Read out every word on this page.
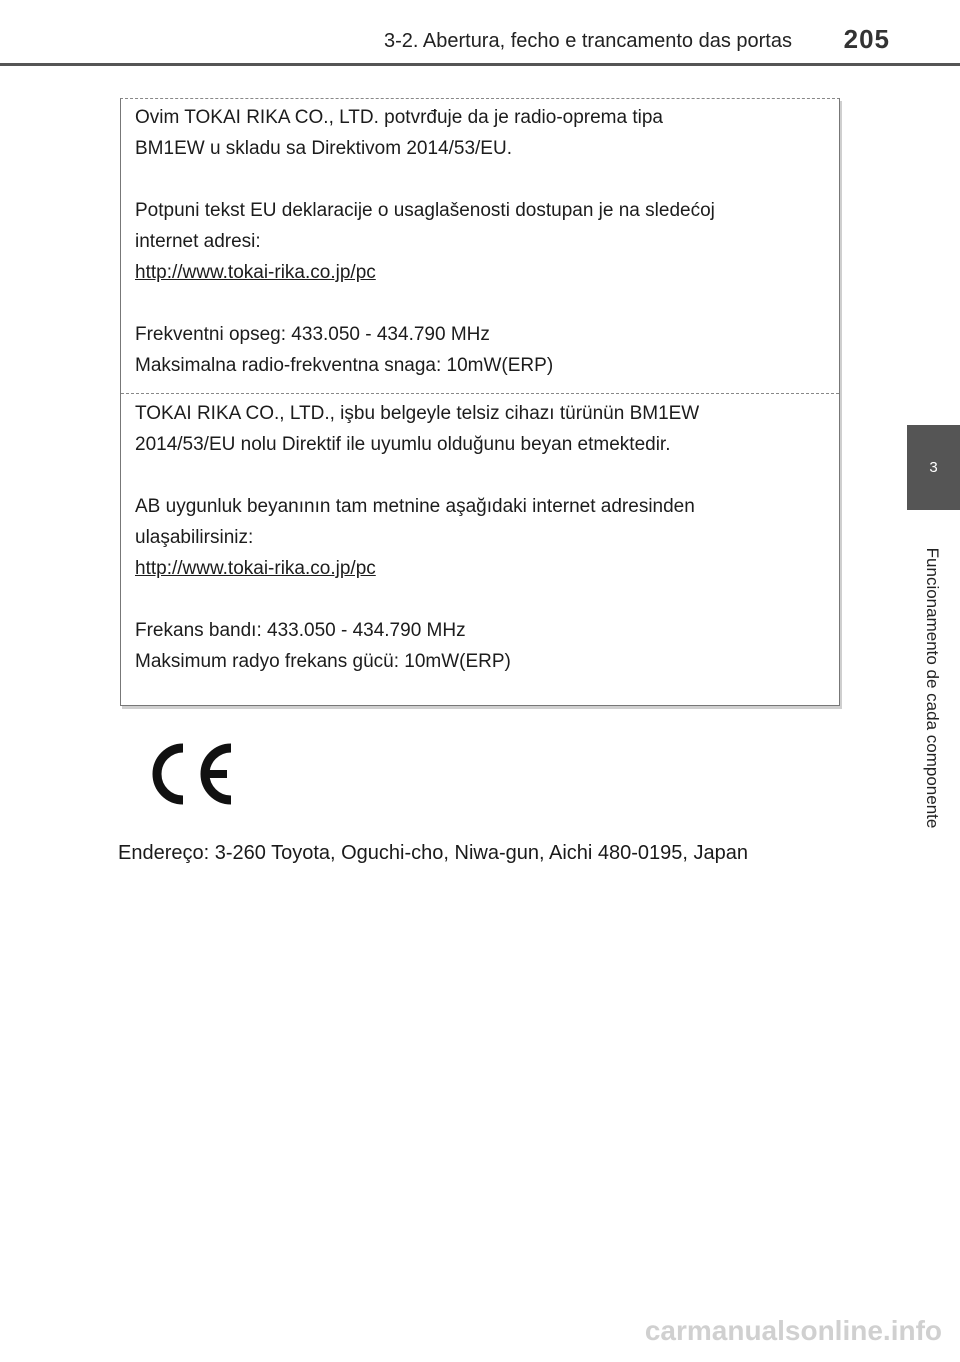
3-2. Abertura, fecho e trancamento das portas 205
3
Funcionamento de cada componente
Ovim TOKAI RIKA CO., LTD. potvrđuje da je radio-oprema tipa
BM1EW u skladu sa Direktivom 2014/53/EU.
Potpuni tekst EU deklaracije o usaglašenosti dostupan je na sledećoj
internet adresi:
http://www.tokai-rika.co.jp/pc
Frekventni opseg: 433.050 - 434.790 MHz
Maksimalna radio-frekventna snaga: 10mW(ERP)
TOKAI RIKA CO., LTD., işbu belgeyle telsiz cihazı türünün BM1EW
2014/53/EU nolu Direktif ile uyumlu olduğunu beyan etmektedir.
AB uygunluk beyanının tam metnine aşağıdaki internet adresinden
ulaşabilirsiniz:
http://www.tokai-rika.co.jp/pc
Frekans bandı: 433.050 - 434.790 MHz
Maksimum radyo frekans gücü: 10mW(ERP)
Endereço: 3-260 Toyota, Oguchi-cho, Niwa-gun, Aichi 480-0195, Japan
carmanualsonline.info
